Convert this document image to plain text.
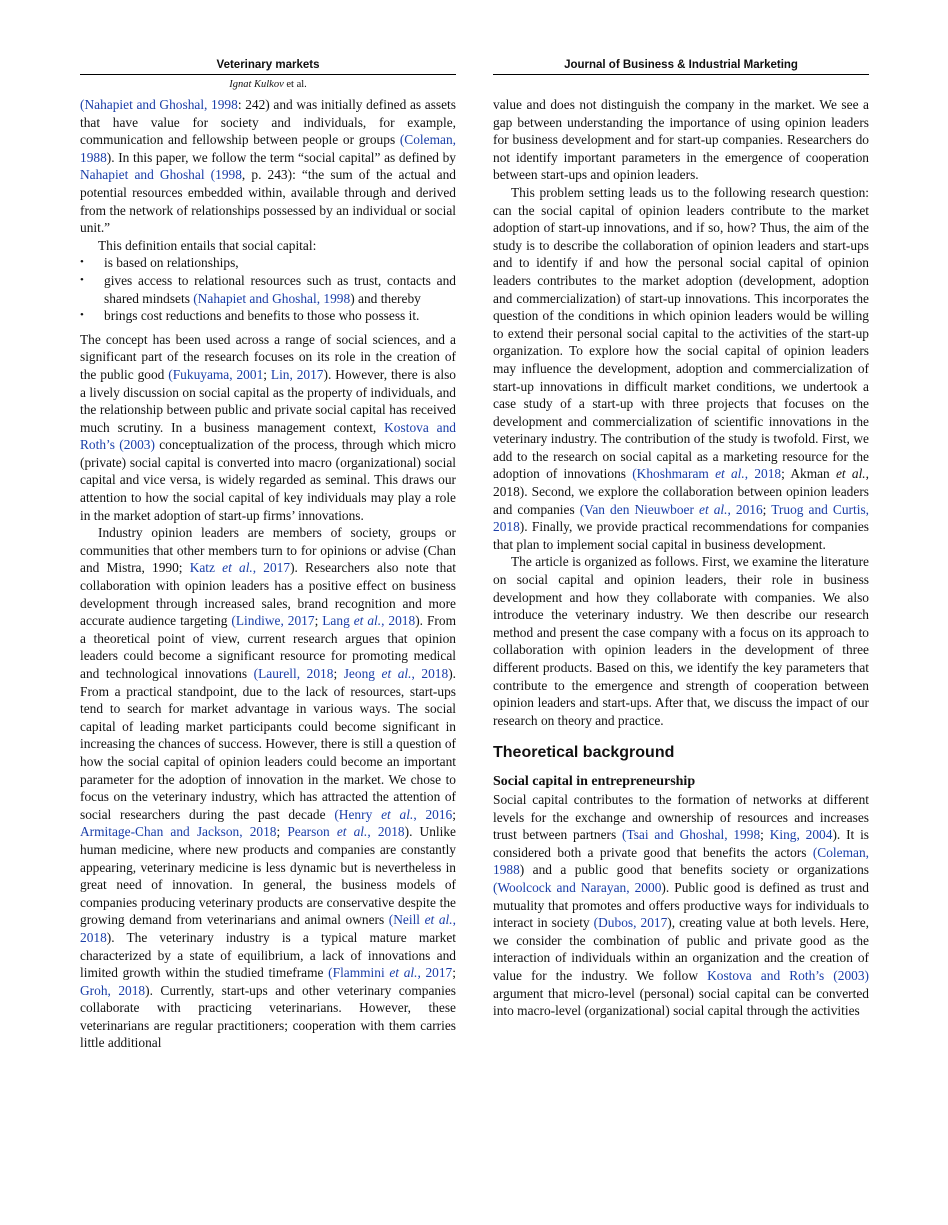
Veterinary markets
Ignat Kulkov et al.

(Nahapiet and Ghoshal, 1998: 242) and was initially defined as assets that have value for society and individuals, for example, communication and fellowship between people or groups (Coleman, 1988). In this paper, we follow the term “social capital” as defined by Nahapiet and Ghoshal (1998, p. 243): “the sum of the actual and potential resources embedded within, available through and derived from the network of relationships possessed by an individual or social unit.”

This definition entails that social capital:

• is based on relationships,
• gives access to relational resources such as trust, contacts and shared mindsets (Nahapiet and Ghoshal, 1998) and thereby
• brings cost reductions and benefits to those who possess it.

The concept has been used across a range of social sciences, and a significant part of the research focuses on its role in the creation of the public good (Fukuyama, 2001; Lin, 2017). However, there is also a lively discussion on social capital as the property of individuals, and the relationship between public and private social capital has received much scrutiny. In a business management context, Kostova and Roth’s (2003) conceptualization of the process, through which micro (private) social capital is converted into macro (organizational) social capital and vice versa, is widely regarded as seminal. This draws our attention to how the social capital of key individuals may play a role in the market adoption of start-up firms’ innovations.

Industry opinion leaders are members of society, groups or communities that other members turn to for opinions or advise (Chan and Mistra, 1990; Katz et al., 2017). Researchers also note that collaboration with opinion leaders has a positive effect on business development through increased sales, brand recognition and more accurate audience targeting (Lindiwe, 2017; Lang et al., 2018). From a theoretical point of view, current research argues that opinion leaders could become a significant resource for promoting medical and technological innovations (Laurell, 2018; Jeong et al., 2018). From a practical standpoint, due to the lack of resources, start-ups tend to search for market advantage in various ways. The social capital of leading market participants could become significant in increasing the chances of success. However, there is still a question of how the social capital of opinion leaders could become an important parameter for the adoption of innovation in the market. We chose to focus on the veterinary industry, which has attracted the attention of social researchers during the past decade (Henry et al., 2016; Armitage-Chan and Jackson, 2018; Pearson et al., 2018). Unlike human medicine, where new products and companies are constantly appearing, veterinary medicine is less dynamic but is nevertheless in great need of innovation. In general, the business models of companies producing veterinary products are conservative despite the growing demand from veterinarians and animal owners (Neill et al., 2018). The veterinary industry is a typical mature market characterized by a state of equilibrium, a lack of innovations and limited growth within the studied timeframe (Flammini et al., 2017; Groh, 2018). Currently, start-ups and other veterinary companies collaborate with practicing veterinarians. However, these veterinarians are regular practitioners; cooperation with them carries little additional

Journal of Business & Industrial Marketing

value and does not distinguish the company in the market. We see a gap between understanding the importance of using opinion leaders for business development and for start-up companies. Researchers do not identify important parameters in the emergence of cooperation between start-ups and opinion leaders.

This problem setting leads us to the following research question: can the social capital of opinion leaders contribute to the market adoption of start-up innovations, and if so, how? Thus, the aim of the study is to describe the collaboration of opinion leaders and start-ups and to identify if and how the personal social capital of opinion leaders contributes to the market adoption (development, adoption and commercialization) of start-up innovations. This incorporates the question of the conditions in which opinion leaders would be willing to extend their personal social capital to the activities of the start-up organization. To explore how the social capital of opinion leaders may influence the development, adoption and commercialization of start-up innovations in difficult market conditions, we undertook a case study of a start-up with three projects that focuses on the development and commercialization of scientific innovations in the veterinary industry. The contribution of the study is twofold. First, we add to the research on social capital as a marketing resource for the adoption of innovations (Khoshmaram et al., 2018; Akman et al., 2018). Second, we explore the collaboration between opinion leaders and companies (Van den Nieuwboer et al., 2016; Truog and Curtis, 2018). Finally, we provide practical recommendations for companies that plan to implement social capital in business development.

The article is organized as follows. First, we examine the literature on social capital and opinion leaders, their role in business development and how they collaborate with companies. We also introduce the veterinary industry. We then describe our research method and present the case company with a focus on its approach to collaboration with opinion leaders in the development of three different products. Based on this, we identify the key parameters that contribute to the emergence and strength of cooperation between opinion leaders and start-ups. After that, we discuss the impact of our research on theory and practice.

Theoretical background
Social capital in entrepreneurship

Social capital contributes to the formation of networks at different levels for the exchange and ownership of resources and increases trust between partners (Tsai and Ghoshal, 1998; King, 2004). It is considered both a private good that benefits the actors (Coleman, 1988) and a public good that benefits society or organizations (Woolcock and Narayan, 2000). Public good is defined as trust and mutuality that promotes and offers productive ways for individuals to interact in society (Dubos, 2017), creating value at both levels. Here, we consider the combination of public and private good as the interaction of individuals within an organization and the creation of value for the industry. We follow Kostova and Roth’s (2003) argument that micro-level (personal) social capital can be converted into macro-level (organizational) social capital through the activities
